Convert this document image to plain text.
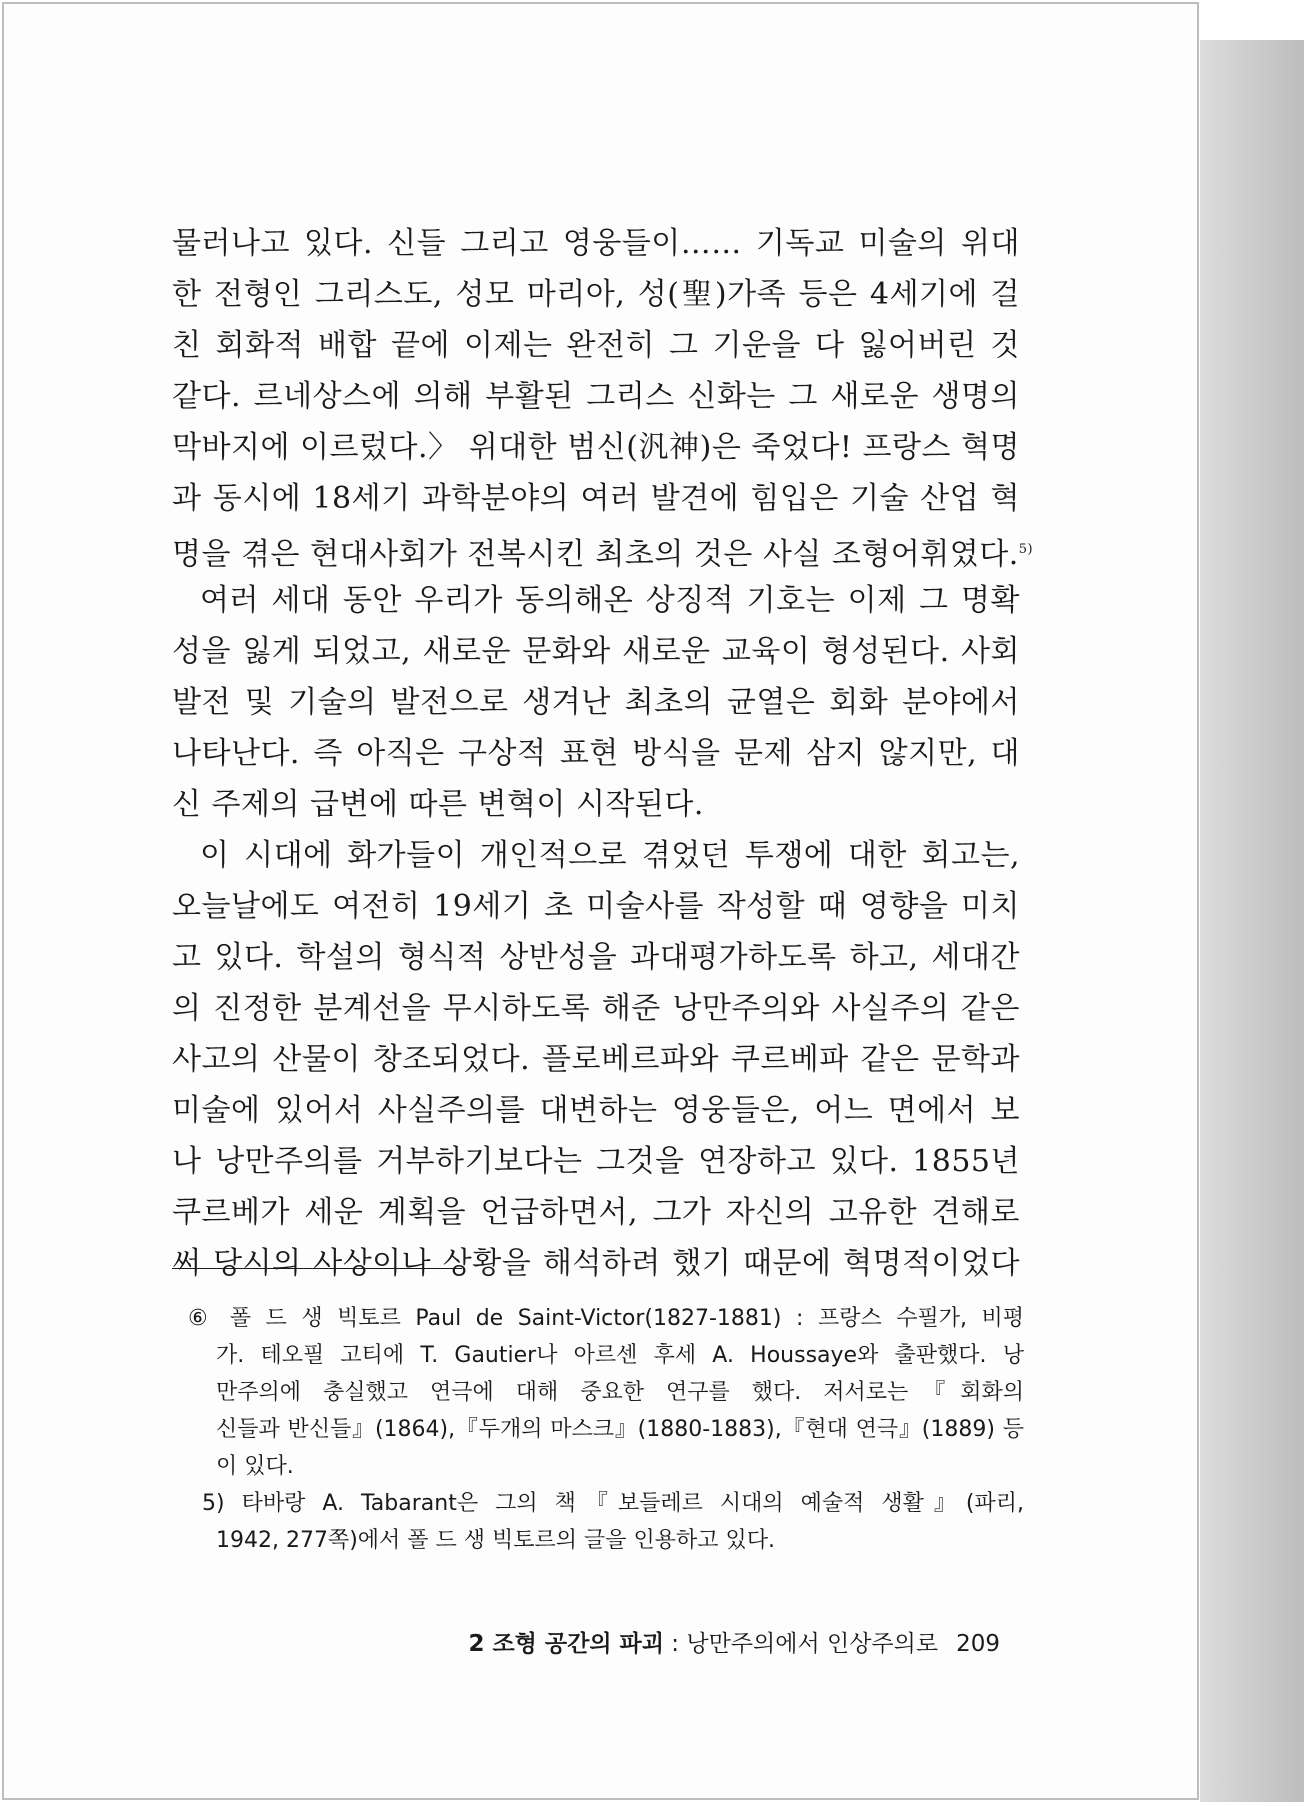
물러나고 있다. 신들 그리고 영웅들이…… 기독교 미술의 위대
한 전형인 그리스도, 성모 마리아, 성(聖)가족 등은 4세기에 걸
친 회화적 배합 끝에 이제는 완전히 그 기운을 다 잃어버린 것
같다. 르네상스에 의해 부활된 그리스 신화는 그 새로운 생명의
막바지에 이르렀다.〉 위대한 범신(汎神)은 죽었다! 프랑스 혁명
과 동시에 18세기 과학분야의 여러 발견에 힘입은 기술 산업 혁
명을 겪은 현대사회가 전복시킨 최초의 것은 사실 조형어휘였다.$^{5)}$
여러 세대 동안 우리가 동의해온 상징적 기호는 이제 그 명확
성을 잃게 되었고, 새로운 문화와 새로운 교육이 형성된다. 사회
발전 및 기술의 발전으로 생겨난 최초의 균열은 회화 분야에서
나타난다. 즉 아직은 구상적 표현 방식을 문제 삼지 않지만, 대
신 주제의 급변에 따른 변혁이 시작된다.
이 시대에 화가들이 개인적으로 겪었던 투쟁에 대한 회고는,
오늘날에도 여전히 19세기 초 미술사를 작성할 때 영향을 미치
고 있다. 학설의 형식적 상반성을 과대평가하도록 하고, 세대간
의 진정한 분계선을 무시하도록 해준 낭만주의와 사실주의 같은
사고의 산물이 창조되었다. 플로베르파와 쿠르베파 같은 문학과
미술에 있어서 사실주의를 대변하는 영웅들은, 어느 면에서 보
나 낭만주의를 거부하기보다는 그것을 연장하고 있다. 1855년
쿠르베가 세운 계획을 언급하면서, 그가 자신의 고유한 견해로
써 당시의 사상이나 상황을 해석하려 했기 때문에 혁명적이었다
⑥ 폴 드 생 빅토르 Paul de Saint-Victor(1827-1881) : 프랑스 수필가, 비평
가. 테오필 고티에 T. Gautier나 아르센 후세 A. Houssaye와 출판했다. 낭
만주의에 충실했고 연극에 대해 중요한 연구를 했다. 저서로는『회화의
신들과 반신들』(1864),『두개의 마스크』(1880-1883),『현대 연극』(1889) 등
이 있다.
5) 타바랑 A. Tabarant은 그의 책『보들레르 시대의 예술적 생활』(파리,
1942, 277쪽)에서 폴 드 생 빅토르의 글을 인용하고 있다.
2 조형 공간의 파괴 : 낭만주의에서 인상주의로 209
